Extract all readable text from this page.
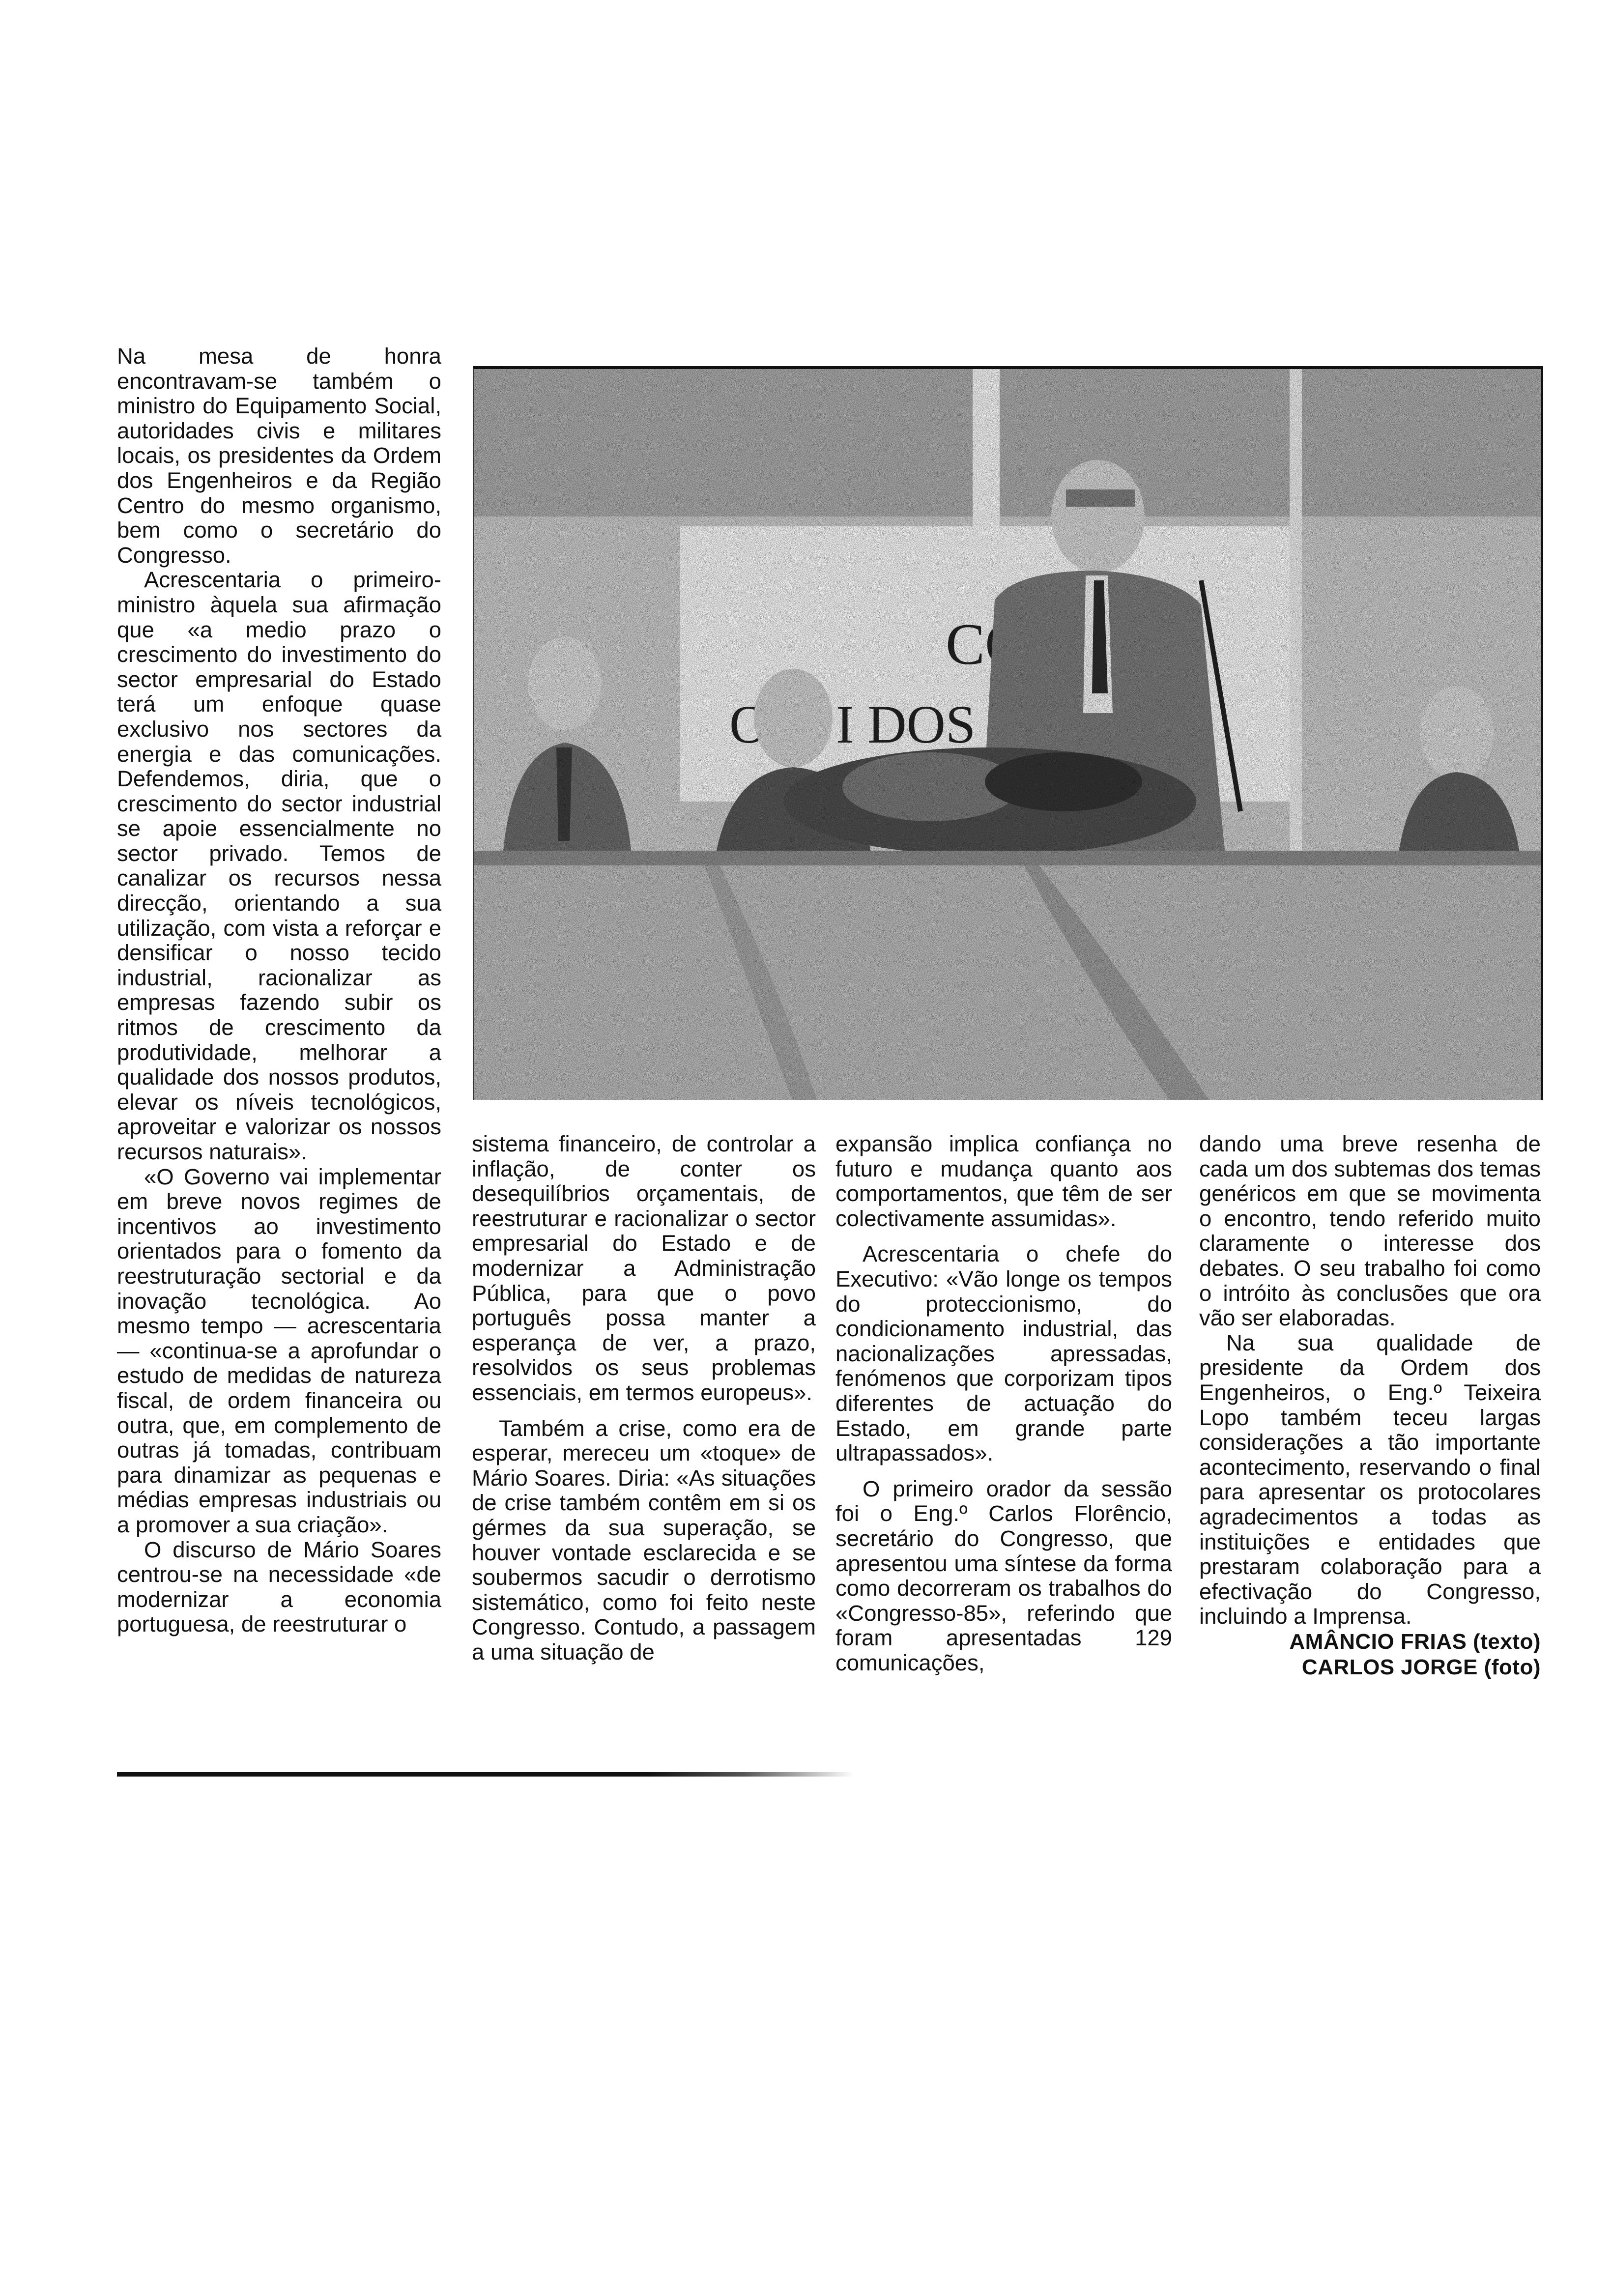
Na mesa de honra encontravam-se também o ministro do Equipamento Social, autoridades civis e militares locais, os presidentes da Ordem dos Engenheiros e da Região Centro do mesmo organismo, bem como o secretário do Congresso.

Acrescentaria o primeiro-ministro àquela sua afirmação que «a medio prazo o crescimento do investimento do sector empresarial do Estado terá um enfoque quase exclusivo nos sectores da energia e das comunicações. Defendemos, diria, que o crescimento do sector industrial se apoie essencialmente no sector privado. Temos de canalizar os recursos nessa direcção, orientando a sua utilização, com vista a reforçar e densificar o nosso tecido industrial, racionalizar as empresas fazendo subir os ritmos de crescimento da produtividade, melhorar a qualidade dos nossos produtos, elevar os níveis tecnológicos, aproveitar e valorizar os nossos recursos naturais».

«O Governo vai implementar em breve novos regimes de incentivos ao investimento orientados para o fomento da reestruturação sectorial e da inovação tecnológica. Ao mesmo tempo — acrescentaria — «continua-se a aprofundar o estudo de medidas de natureza fiscal, de ordem financeira ou outra, que, em complemento de outras já tomadas, contribuam para dinamizar as pequenas e médias empresas industriais ou a promover a sua criação».

O discurso de Mário Soares centrou-se na necessidade «de modernizar a economia portuguesa, de reestruturar o

sistema financeiro, de controlar a inflação, de conter os desequilíbrios orçamentais, de reestruturar e racionalizar o sector empresarial do Estado e de modernizar a Administração Pública, para que o povo português possa manter a esperança de ver, a prazo, resolvidos os seus problemas essenciais, em termos europeus».

Também a crise, como era de esperar, mereceu um «toque» de Mário Soares. Diria: «As situações de crise também contêm em si os gérmes da sua superação, se houver vontade esclarecida e se soubermos sacudir o derrotismo sistemático, como foi feito neste Congresso. Contudo, a passagem a uma situação de

expansão implica confiança no futuro e mudança quanto aos comportamentos, que têm de ser colectivamente assumidas».

Acrescentaria o chefe do Executivo: «Vão longe os tempos do proteccionismo, do condicionamento industrial, das nacionalizações apressadas, fenómenos que corporizam tipos diferentes de actuação do Estado, em grande parte ultrapassados».

O primeiro orador da sessão foi o Eng.º Carlos Florêncio, secretário do Congresso, que apresentou uma síntese da forma como decorreram os trabalhos do «Congresso-85», referindo que foram apresentadas 129 comunicações,

dando uma breve resenha de cada um dos subtemas dos temas genéricos em que se movimenta o encontro, tendo referido muito claramente o interesse dos debates. O seu trabalho foi como o intróito às conclusões que ora vão ser elaboradas.

Na sua qualidade de presidente da Ordem dos Engenheiros, o Eng.º Teixeira Lopo também teceu largas considerações a tão importante acontecimento, reservando o final para apresentar os protocolares agradecimentos a todas as instituições e entidades que prestaram colaboração para a efectivação do Congresso, incluindo a Imprensa.

AMÂNCIO FRIAS (texto)
CARLOS JORGE (foto)
